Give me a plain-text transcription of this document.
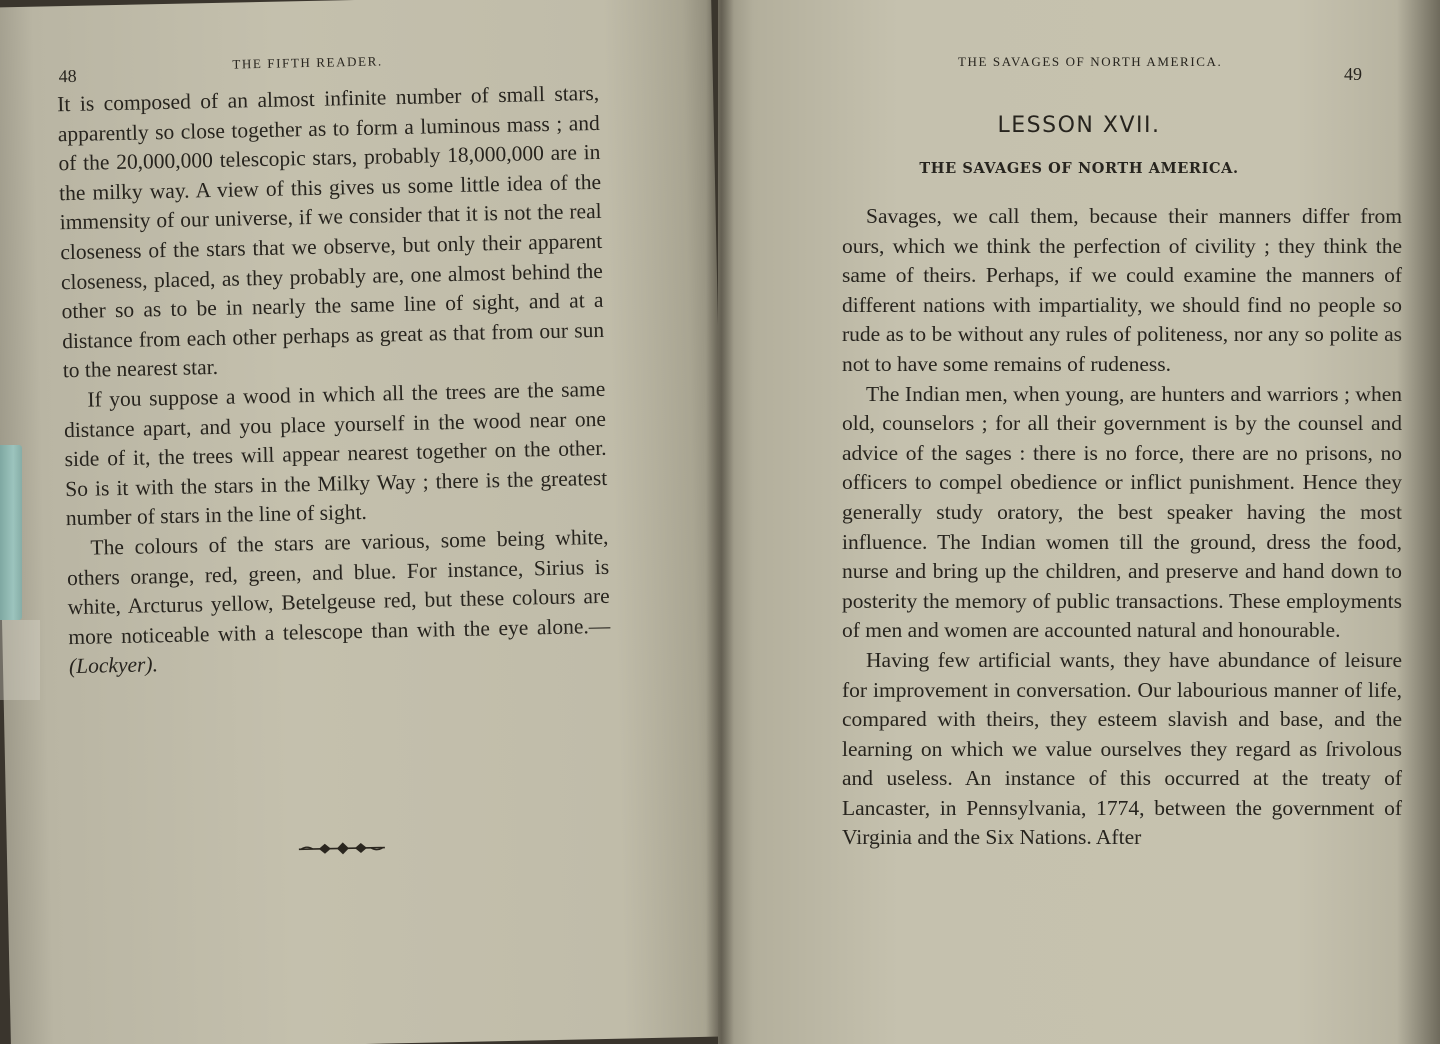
48
THE FIFTH READER.

It is composed of an almost infinite number of small stars, apparently so close together as to form a luminous mass ; and of the 20,000,000 telescopic stars, probably 18,000,000 are in the milky way. A view of this gives us some little idea of the immensity of our universe, if we consider that it is not the real closeness of the stars that we observe, but only their apparent closeness, placed, as they probably are, one almost behind the other so as to be in nearly the same line of sight, and at a distance from each other perhaps as great as that from our sun to the nearest star.

If you suppose a wood in which all the trees are the same distance apart, and you place yourself in the wood near one side of it, the trees will appear nearest together on the other. So is it with the stars in the Milky Way ; there is the greatest number of stars in the line of sight.

The colours of the stars are various, some being white, others orange, red, green, and blue. For instance, Sirius is white, Arcturus yellow, Betelgeuse red, but these colours are more noticeable with a telescope than with the eye alone.—(Lockyer).

THE SAVAGES OF NORTH AMERICA.
49
LESSON XVII.
THE SAVAGES OF NORTH AMERICA.

Savages, we call them, because their manners differ from ours, which we think the perfection of civility ; they think the same of theirs. Perhaps, if we could examine the manners of different nations with impartiality, we should find no people so rude as to be without any rules of politeness, nor any so polite as not to have some remains of rudeness.

The Indian men, when young, are hunters and warriors ; when old, counselors ; for all their government is by the counsel and advice of the sages : there is no force, there are no prisons, no officers to compel obedience or inflict punishment. Hence they generally study oratory, the best speaker having the most influence. The Indian women till the ground, dress the food, nurse and bring up the children, and preserve and hand down to posterity the memory of public transactions. These employments of men and women are accounted natural and honourable.

Having few artificial wants, they have abundance of leisure for improvement in conversation. Our labourious manner of life, compared with theirs, they esteem slavish and base, and the learning on which we value ourselves they regard as ſrivolous and useless. An instance of this occurred at the treaty of Lancaster, in Pennsylvania, 1774, between the government of Virginia and the Six Nations. After
